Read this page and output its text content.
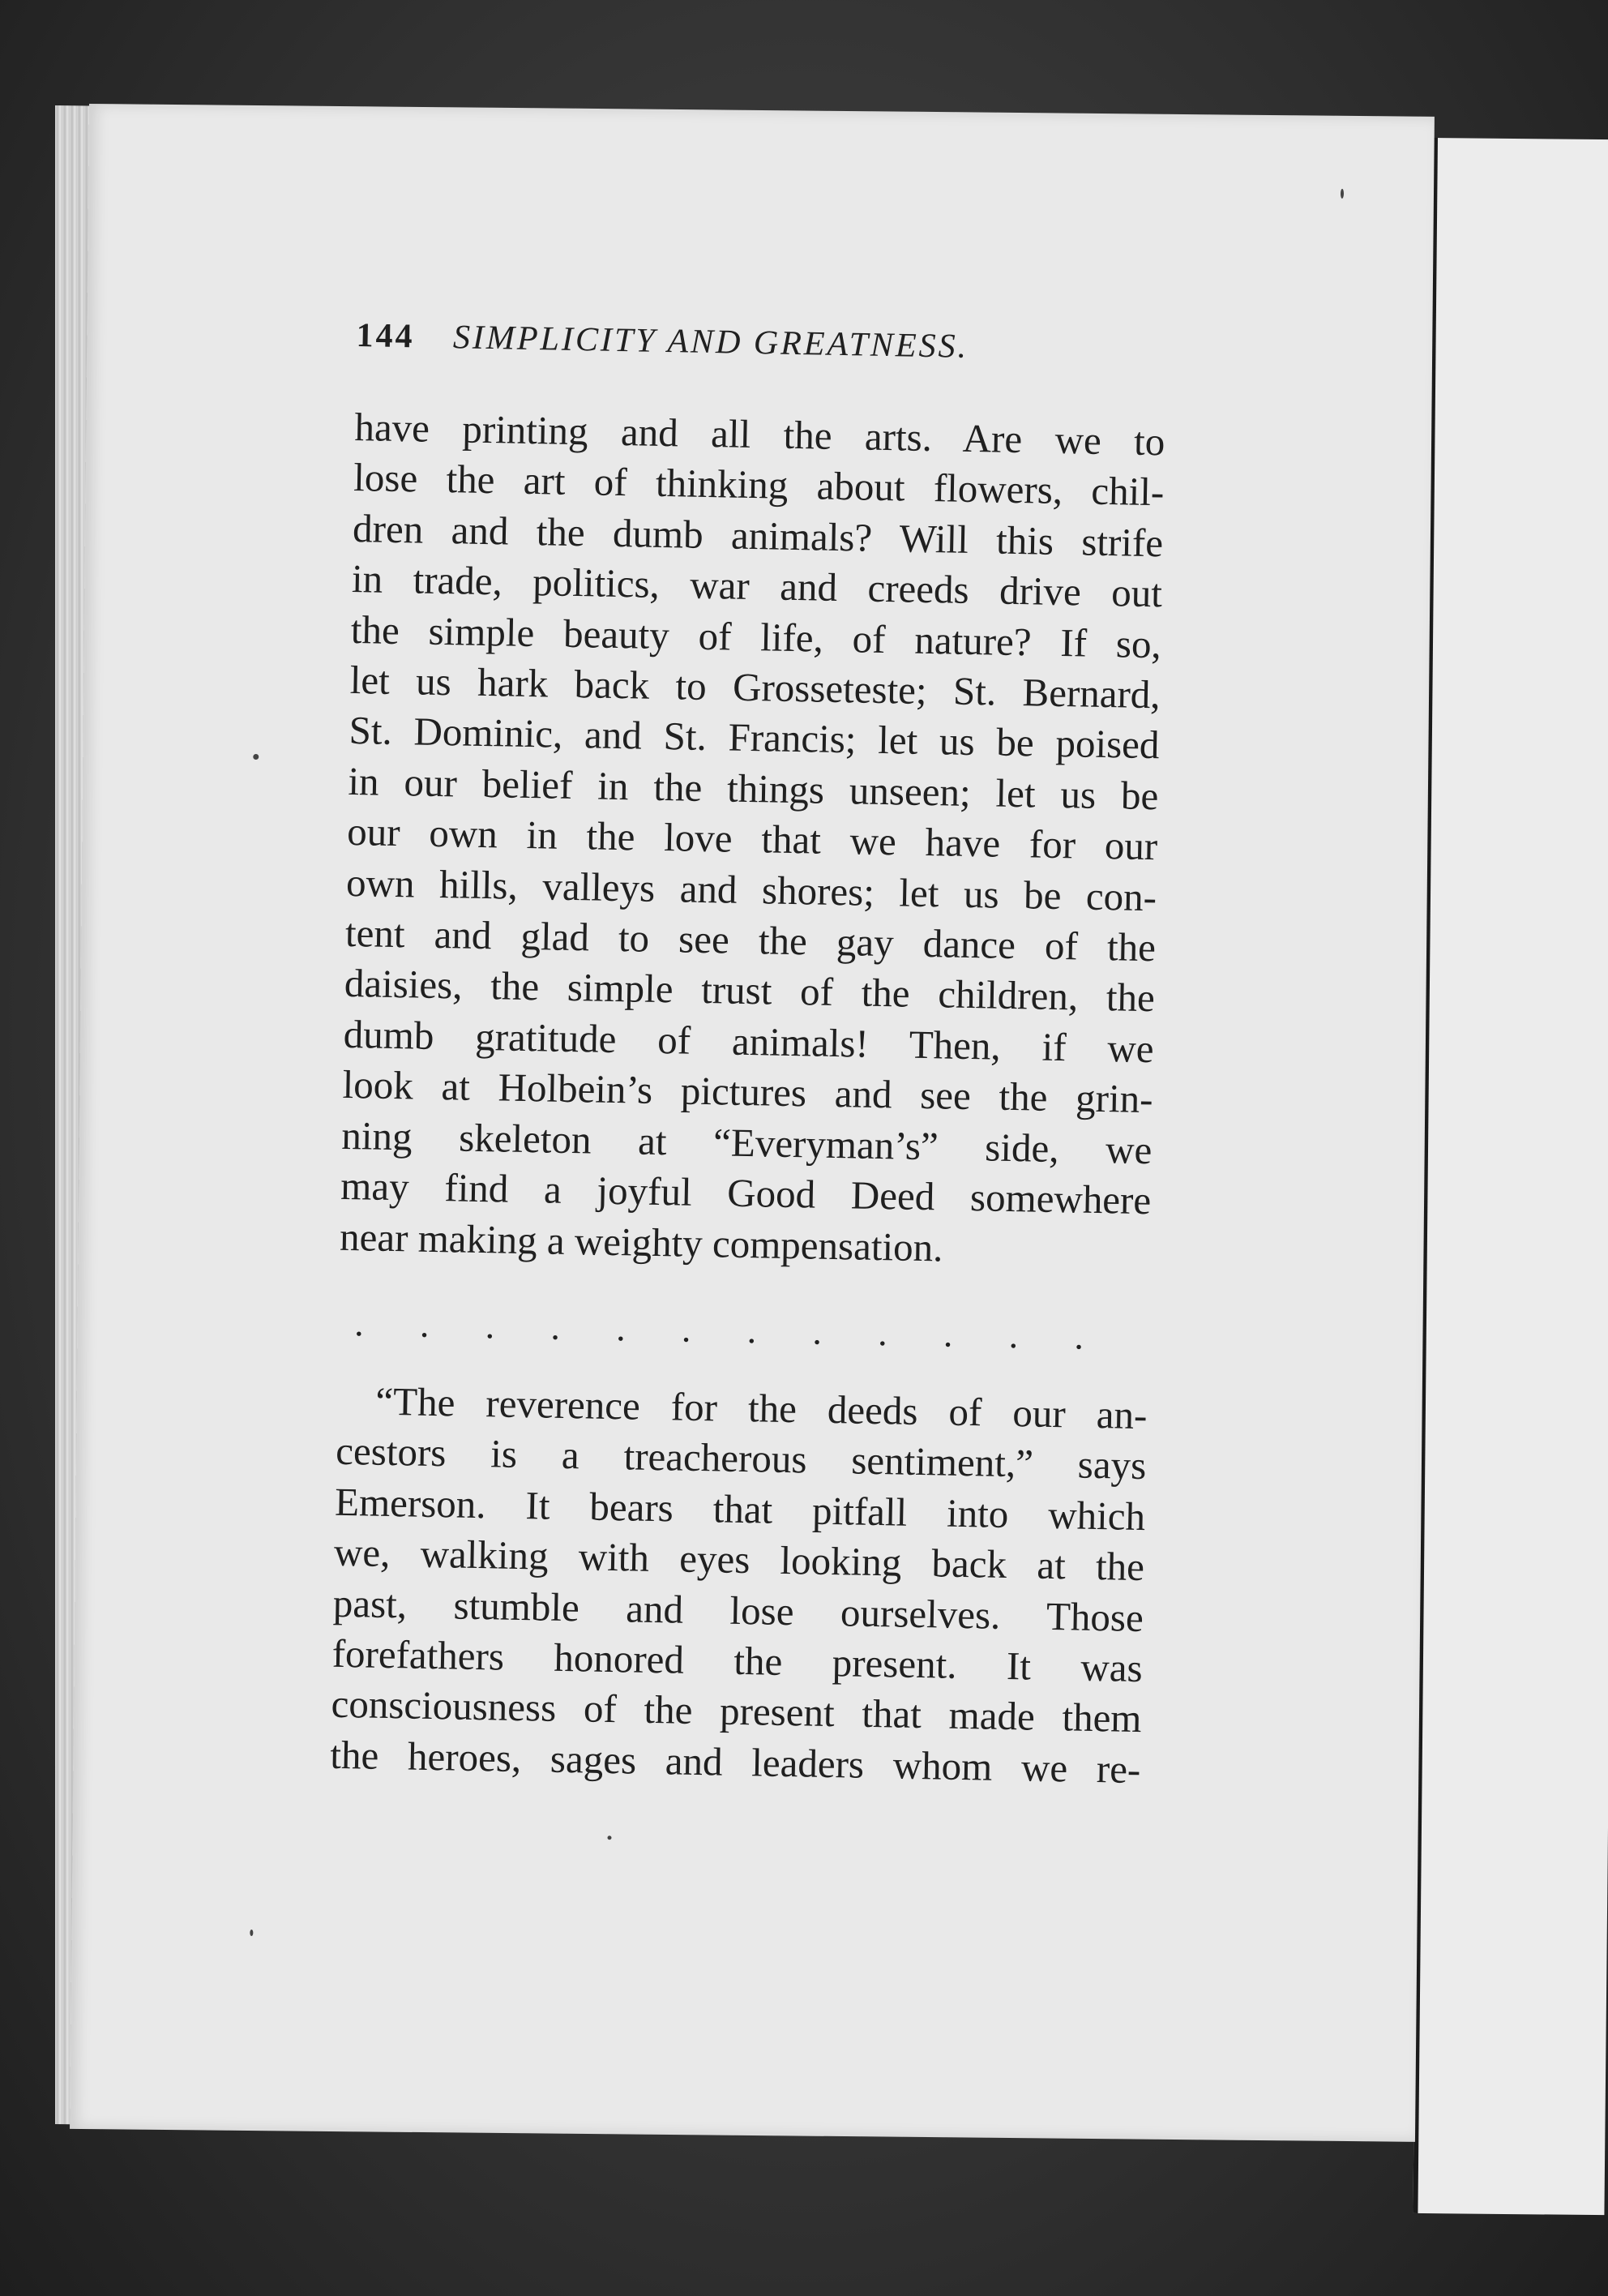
144 SIMPLICITY AND GREATNESS.
have printing and all the arts. Are we to
lose the art of thinking about flowers, chil-
dren and the dumb animals? Will this strife
in trade, politics, war and creeds drive out
the simple beauty of life, of nature? If so,
let us hark back to Grosseteste; St. Bernard,
St. Dominic, and St. Francis; let us be poised
in our belief in the things unseen; let us be
our own in the love that we have for our
own hills, valleys and shores; let us be con-
tent and glad to see the gay dance of the
daisies, the simple trust of the children, the
dumb gratitude of animals! Then, if we
look at Holbein’s pictures and see the grin-
ning skeleton at “Everyman’s” side, we
may find a joyful Good Deed somewhere
near making a weighty compensation.
. . . . . . . . . . . .
“The reverence for the deeds of our an-
cestors is a treacherous sentiment,” says
Emerson. It bears that pitfall into which
we, walking with eyes looking back at the
past, stumble and lose ourselves. Those
forefathers honored the present. It was
consciousness of the present that made them
the heroes, sages and leaders whom we re-
